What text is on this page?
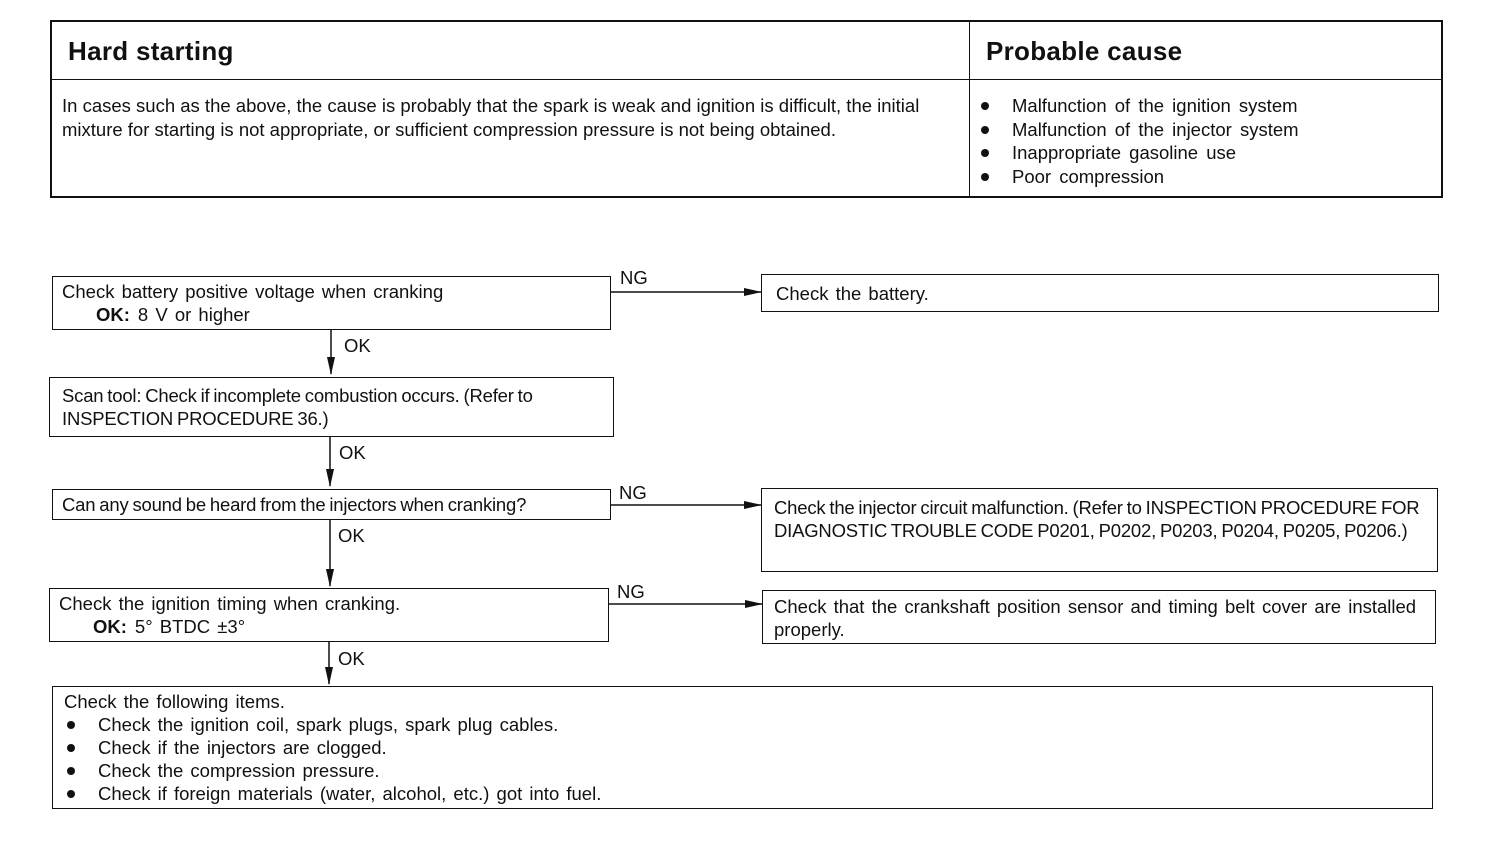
Hard starting
In cases such as the above, the cause is probably that the spark is weak and ignition is difficult, the initial mixture for starting is not appropriate, or sufficient compression pressure is not being obtained.
Probable cause
Malfunction of the ignition system
Malfunction of the injector system
Inappropriate gasoline use
Poor compression
Check battery positive voltage when cranking
OK: 8 V or higher
NG
Check the battery.
OK
Scan tool: Check if incomplete combustion occurs. (Refer to INSPECTION PROCEDURE 36.)
OK
Can any sound be heard from the injectors when cranking?
NG
Check the injector circuit malfunction. (Refer to INSPECTION PROCEDURE FOR DIAGNOSTIC TROUBLE CODE P0201, P0202, P0203, P0204, P0205, P0206.)
OK
Check the ignition timing when cranking.
OK: 5° BTDC ±3°
NG
Check that the crankshaft position sensor and timing belt cover are installed properly.
OK
Check the following items.
Check the ignition coil, spark plugs, spark plug cables.
Check if the injectors are clogged.
Check the compression pressure.
Check if foreign materials (water, alcohol, etc.) got into fuel.
